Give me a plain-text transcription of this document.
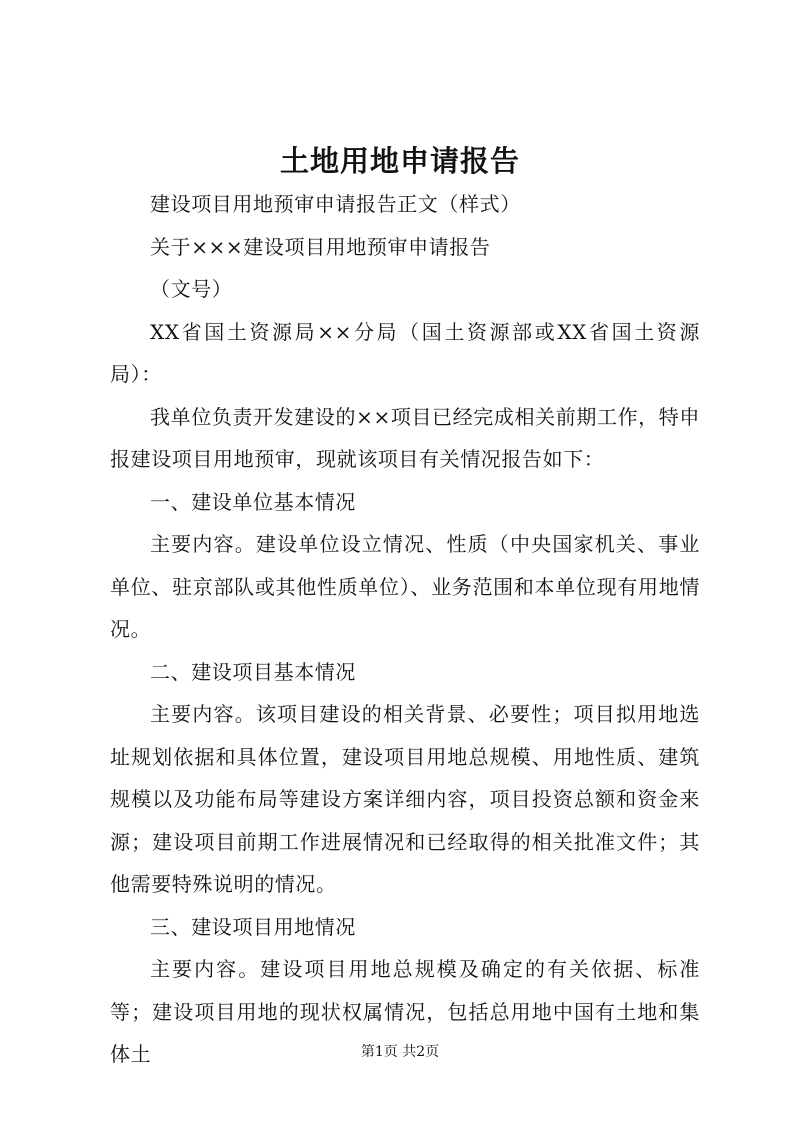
土地用地申请报告

建设项目用地预审申请报告正文（样式）

关于×××建设项目用地预审申请报告

（文号）

XX省国土资源局××分局（国土资源部或XX省国土资源局）：

我单位负责开发建设的××项目已经完成相关前期工作，特申报建设项目用地预审，现就该项目有关情况报告如下：

一、建设单位基本情况

主要内容。建设单位设立情况、性质（中央国家机关、事业单位、驻京部队或其他性质单位）、业务范围和本单位现有用地情况。

二、建设项目基本情况

主要内容。该项目建设的相关背景、必要性；项目拟用地选址规划依据和具体位置，建设项目用地总规模、用地性质、建筑规模以及功能布局等建设方案详细内容，项目投资总额和资金来源；建设项目前期工作进展情况和已经取得的相关批准文件；其他需要特殊说明的情况。

三、建设项目用地情况

主要内容。建设项目用地总规模及确定的有关依据、标准等；建设项目用地的现状权属情况，包括总用地中国有土地和集体土	第1页 共2页
